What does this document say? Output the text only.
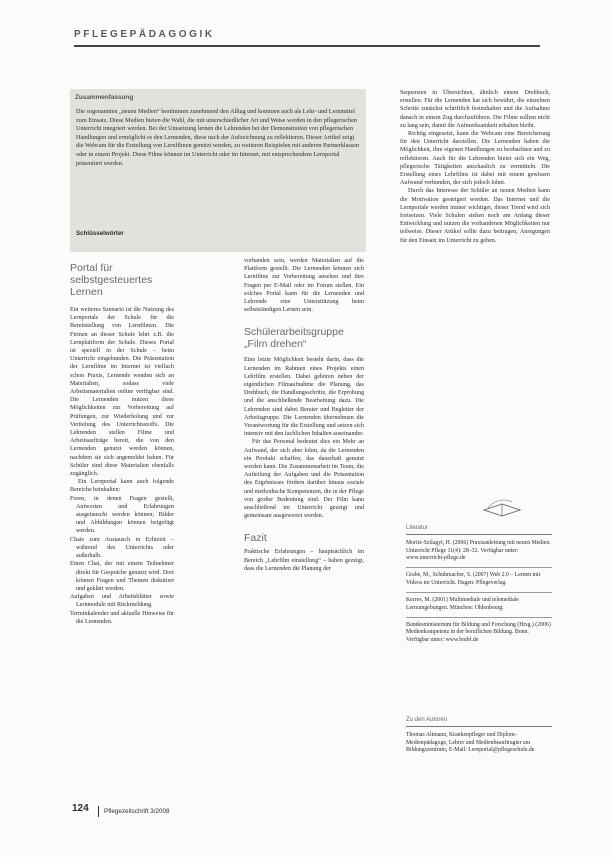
PFLEGEPÄDAGOGIK
Zusammenfassung

Die sogenannten „neuen Medien“ bestimmen zunehmend den Alltag und kommen auch als Lehr- und Lernmittel zum Einsatz. Diese Medien bieten die Wahl, die mit unterschiedlicher Art und Weise werden in den pflegerischen Unterricht integriert werden. Bei der Umsetzung lernen die Lehrenden bei der Demonstration von pflegerischen Handlungen und ermöglicht es den Lernenden, diese nach der Aufzeichnung zu reflektieren. Dieser Artikel zeigt die Webcam für die Erstellung von Lernfilmen genutzt werden, zu weiteren Beispielen mit anderen Partnerklassen oder in einem Projekt. Diese Filme können im Unterricht oder im Internet, mit entsprechendem Lernportal präsentiert werden.

Schlüsselwörter
Portal für selbstgesteuertes Lernen

Ein weiteres Szenario ist die Nutzung des Lernportals der Schule für die Bereitstellung von Lernfilmen. Die Firmen an dieser Schule lehrt z.B. die Lernplattform der Schule. Dieses Portal ist speziell in der Schule – beim Unterricht eingebunden. Die Präsentation der Lernfilme im Internet ist vielfach schon Praxis, Lernende wenden sich an Materialien, sodass viele Arbeitsmaterialien online verfügbar sind. Die Lernenden nutzen diese Möglichkeiten zur Vorbereitung auf Prüfungen, zur Wiederholung und zur Vertiefung des Unterrichtsstoffs. Die Lehrenden stellen Filme und Arbeitsaufträge bereit, die von den Lernenden genutzt werden können, nachdem sie sich angemeldet haben. Für Schüler sind diese Materialien ebenfalls zugänglich.

Ein Lernportal kann auch folgende Bereiche beinhalten:

Foren, in denen Fragen gestellt, Antworten und Erfahrungen ausgetauscht werden können; Bilder und Abbildungen können beigefügt werden.

Chats zum Austausch in Echtzeit – während des Unterrichts oder außerhalb.

Einen Chat, der mit einem Teilnehmer direkt für Gespräche genutzt wird. Dort können Fragen und Themen diskutiert und geklärt werden.

Aufgaben und Arbeitsblätter sowie Lernmodule mit Rückmeldung.

Terminkalender und aktuelle Hinweise für die Lernenden.

vorhanden sein, werden Materialien auf die Plattform gestellt. Die Lernenden können sich Lernfilme zur Vorbereitung ansehen und ihre Fragen per E-Mail oder im Forum stellen. Ein solches Portal kann für die Lernenden und Lehrende eine Unterstützung beim selbstständigen Lernen sein.

Schülerarbeitsgruppe „Film drehen“

Eine letzte Möglichkeit besteht darin, dass die Lernenden im Rahmen eines Projekts einen Lehrfilm erstellen. Dabei gehören neben der eigentlichen Filmaufnahme die Planung, das Drehbuch, die Handlungsschritte, die Erprobung und die anschließende Bearbeitung dazu. Die Lehrenden sind dabei Berater und Begleiter der Arbeitsgruppe. Die Lernenden übernehmen die Verantwortung für die Erstellung und setzen sich intensiv mit den fachlichen Inhalten auseinander.

Für das Personal bedeutet dies ein Mehr an Aufwand, der sich aber lohnt, da die Lernenden ein Produkt schaffen, das dauerhaft genutzt werden kann. Die Zusammenarbeit im Team, die Aufteilung der Aufgaben und die Präsentation des Ergebnisses fördern darüber hinaus soziale und methodische Kompetenzen, die in der Pflege von großer Bedeutung sind. Der Film kann anschließend im Unterricht gezeigt und gemeinsam ausgewertet werden.

Fazit

Praktische Erfahrungen – hauptsächlich im Bereich „Lehrfilm einstellung“ – haben gezeigt, dass die Lernenden die Planung der

Sequenzen in Übersichten, ähnlich einem Drehbuch, erstellen. Für die Lernenden hat sich bewährt, die einzelnen Schritte zunächst schriftlich festzuhalten und die Aufnahme danach in einem Zug durchzuführen. Die Filme sollten nicht zu lang sein, damit die Aufmerksamkeit erhalten bleibt.

Richtig eingesetzt, kann die Webcam eine Bereicherung für den Unterricht darstellen. Die Lernenden haben die Möglichkeit, ihre eigenen Handlungen zu beobachten und zu reflektieren. Auch für die Lehrenden bietet sich ein Weg, pflegerische Tätigkeiten anschaulich zu vermitteln. Die Erstellung eines Lehrfilms ist dabei mit einem gewissen Aufwand verbunden, der sich jedoch lohnt.

Durch das Interesse der Schüler an neuen Medien kann die Motivation gesteigert werden. Das Internet und die Lernportale werden immer wichtiger, dieser Trend wird sich fortsetzen. Viele Schulen stehen noch am Anfang dieser Entwicklung und nutzen die vorhandenen Möglichkeiten nur teilweise. Dieser Artikel sollte dazu beitragen, Anregungen für den Einsatz im Unterricht zu geben.

Literatur
Moritz-Szilagyi, H. (2006) Praxisanleitung mit neuen Medien. Unterricht Pflege 11(4): 28–32. Verfügbar unter: www.unterricht-pflege.de
Grabe, M., Schuhmacher, S. (2007) Web 2.0 – Lernen mit Videos im Unterricht. Hagen: Pflegeverlag.
Kerres, M. (2001) Multimediale und telemediale Lernumgebungen. München: Oldenbourg.
Bundesministerium für Bildung und Forschung (Hrsg.) (2006) Medienkompetenz in der beruflichen Bildung. Bonn. Verfügbar unter: www.bmbf.de
Zu den Autoren
Thomas Altmann, Krankenpfleger und Diplom-Medienpädagoge, Lehrer und Medienbeauftragter am Bildungszentrum, E-Mail: Lernportal@pflegeschule.de
124 Pflegezeitschrift 3/2008
